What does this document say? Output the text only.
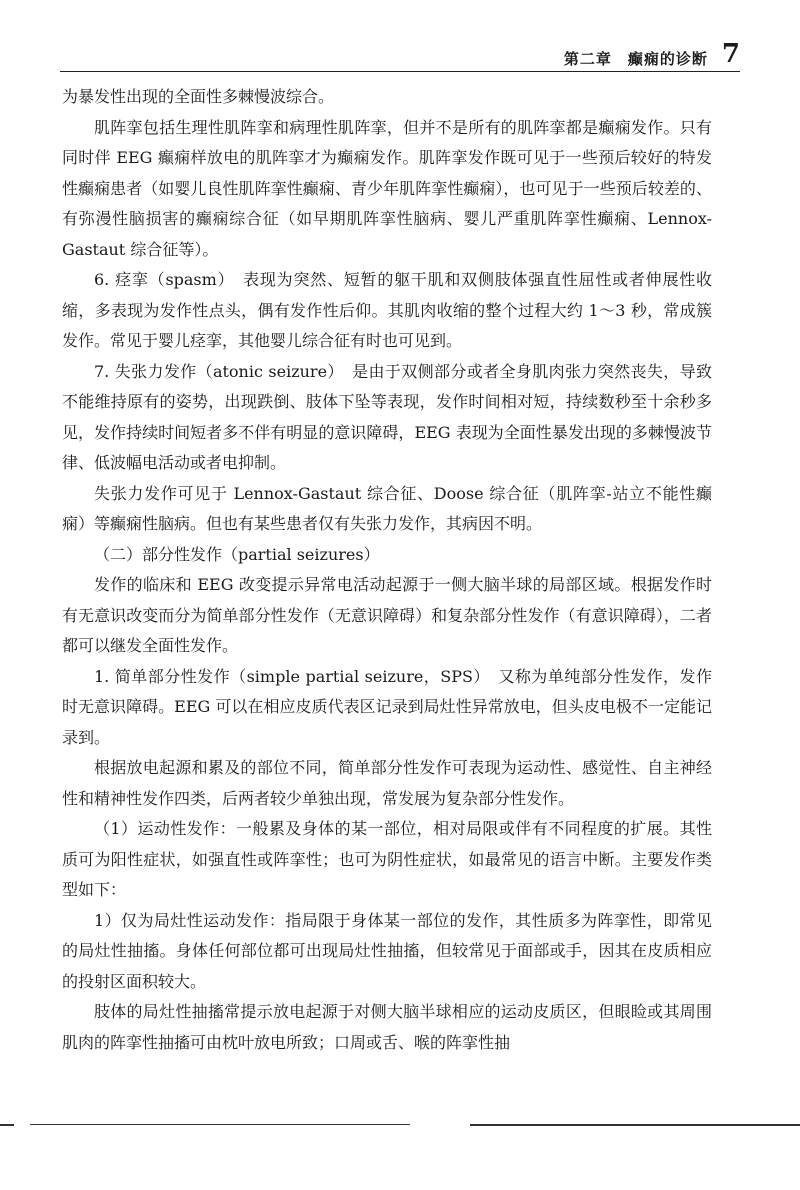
第二章　癫痫的诊断 7

为暴发性出现的全面性多棘慢波综合。

肌阵挛包括生理性肌阵挛和病理性肌阵挛，但并不是所有的肌阵挛都是癫痫发作。只有同时伴 EEG 癫痫样放电的肌阵挛才为癫痫发作。肌阵挛发作既可见于一些预后较好的特发性癫痫患者（如婴儿良性肌阵挛性癫痫、青少年肌阵挛性癫痫），也可见于一些预后较差的、有弥漫性脑损害的癫痫综合征（如早期肌阵挛性脑病、婴儿严重肌阵挛性癫痫、Lennox-Gastaut 综合征等）。

6. 痉挛（spasm）　表现为突然、短暂的躯干肌和双侧肢体强直性屈性或者伸展性收缩，多表现为发作性点头，偶有发作性后仰。其肌肉收缩的整个过程大约 1～3 秒，常成簇发作。常见于婴儿痉挛，其他婴儿综合征有时也可见到。

7. 失张力发作（atonic seizure）　是由于双侧部分或者全身肌肉张力突然丧失，导致不能维持原有的姿势，出现跌倒、肢体下坠等表现，发作时间相对短，持续数秒至十余秒多见，发作持续时间短者多不伴有明显的意识障碍，EEG 表现为全面性暴发出现的多棘慢波节律、低波幅电活动或者电抑制。

失张力发作可见于 Lennox-Gastaut 综合征、Doose 综合征（肌阵挛-站立不能性癫痫）等癫痫性脑病。但也有某些患者仅有失张力发作，其病因不明。

（二）部分性发作（partial seizures）

发作的临床和 EEG 改变提示异常电活动起源于一侧大脑半球的局部区域。根据发作时有无意识改变而分为简单部分性发作（无意识障碍）和复杂部分性发作（有意识障碍），二者都可以继发全面性发作。

1. 简单部分性发作（simple partial seizure，SPS）　又称为单纯部分性发作，发作时无意识障碍。EEG 可以在相应皮质代表区记录到局灶性异常放电，但头皮电极不一定能记录到。

根据放电起源和累及的部位不同，简单部分性发作可表现为运动性、感觉性、自主神经性和精神性发作四类，后两者较少单独出现，常发展为复杂部分性发作。

（1）运动性发作：一般累及身体的某一部位，相对局限或伴有不同程度的扩展。其性质可为阳性症状，如强直性或阵挛性；也可为阴性症状，如最常见的语言中断。主要发作类型如下：

1）仅为局灶性运动发作：指局限于身体某一部位的发作，其性质多为阵挛性，即常见的局灶性抽搐。身体任何部位都可出现局灶性抽搐，但较常见于面部或手，因其在皮质相应的投射区面积较大。

肢体的局灶性抽搐常提示放电起源于对侧大脑半球相应的运动皮质区，但眼睑或其周围肌肉的阵挛性抽搐可由枕叶放电所致；口周或舌、喉的阵挛性抽
